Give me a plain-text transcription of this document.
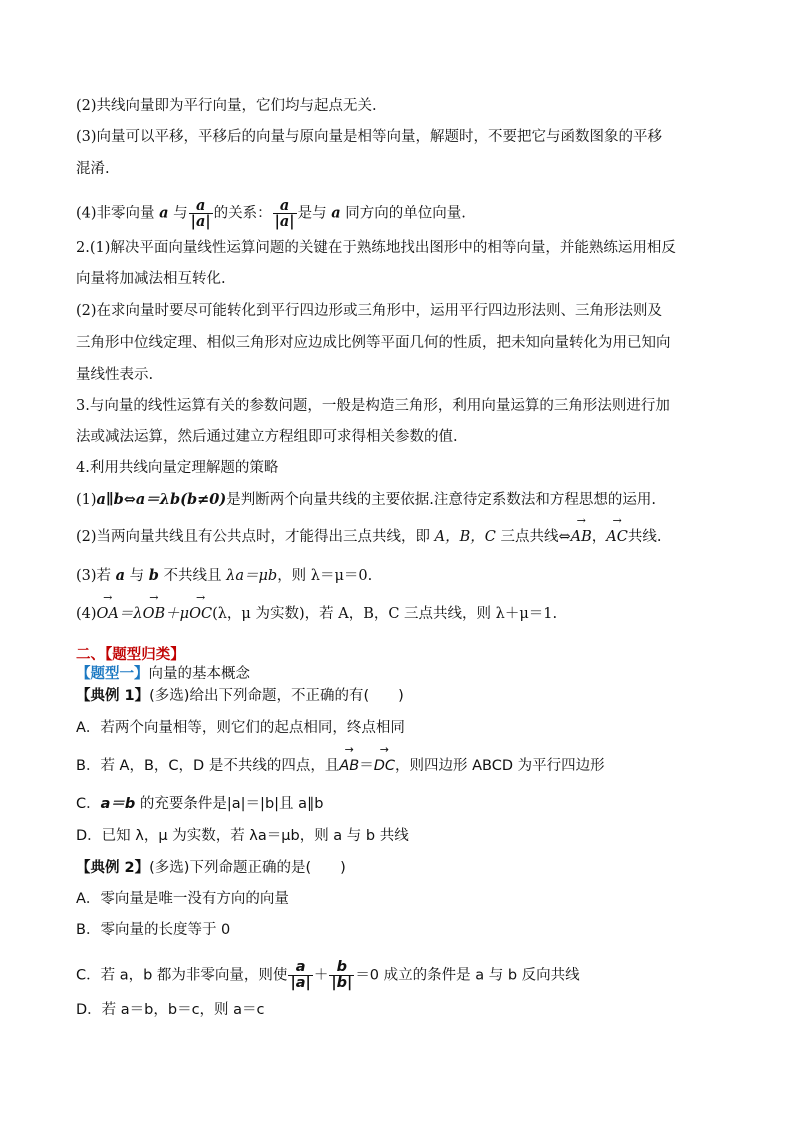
(2)共线向量即为平行向量，它们均与起点无关.
(3)向量可以平移，平移后的向量与原向量是相等向量，解题时，不要把它与函数图象的平移
混淆.
(4)非零向量 a 与 $\frac{a}{|a|}$ 的关系： $\frac{a}{|a|}$ 是与 a 同方向的单位向量.
2.(1)解决平面向量线性运算问题的关键在于熟练地找出图形中的相等向量，并能熟练运用相反
向量将加减法相互转化.
(2)在求向量时要尽可能转化到平行四边形或三角形中，运用平行四边形法则、三角形法则及
三角形中位线定理、相似三角形对应边成比例等平面几何的性质，把未知向量转化为用已知向
量线性表示.
3.与向量的线性运算有关的参数问题，一般是构造三角形，利用向量运算的三角形法则进行加
法或减法运算，然后通过建立方程组即可求得相关参数的值.
4.利用共线向量定理解题的策略
(1)a∥b⇔a＝λb(b≠0)是判断两个向量共线的主要依据.注意待定系数法和方程思想的运用.
(2)当两向量共线且有公共点时，才能得出三点共线，即 A，B，C 三点共线⇔→ AB，→ AC共线.
(3)若 a 与 b 不共线且 λa＝μb，则 λ＝μ＝0.
(4)→ OA＝λ→ OB＋μ→ OC(λ，μ 为实数)，若 A，B，C 三点共线，则 λ＋μ＝1.
二、【题型归类】
【题型一】向量的基本概念
【典例 1】(多选)给出下列命题，不正确的有(　　)
A．若两个向量相等，则它们的起点相同，终点相同
B．若 A，B，C，D 是不共线的四点，且→ AB＝→ DC，则四边形 ABCD 为平行四边形
C．a＝b 的充要条件是|a|＝|b|且 a∥b
D．已知 λ，μ 为实数，若 λa＝μb，则 a 与 b 共线
【典例 2】(多选)下列命题正确的是(　　)
A．零向量是唯一没有方向的向量
B．零向量的长度等于 0
C．若 a，b 都为非零向量，则使 $\frac{a}{|a|} + \frac{b}{|b|} =0$ 成立的条件是 a 与 b 反向共线
D．若 a＝b，b＝c，则 a＝c
